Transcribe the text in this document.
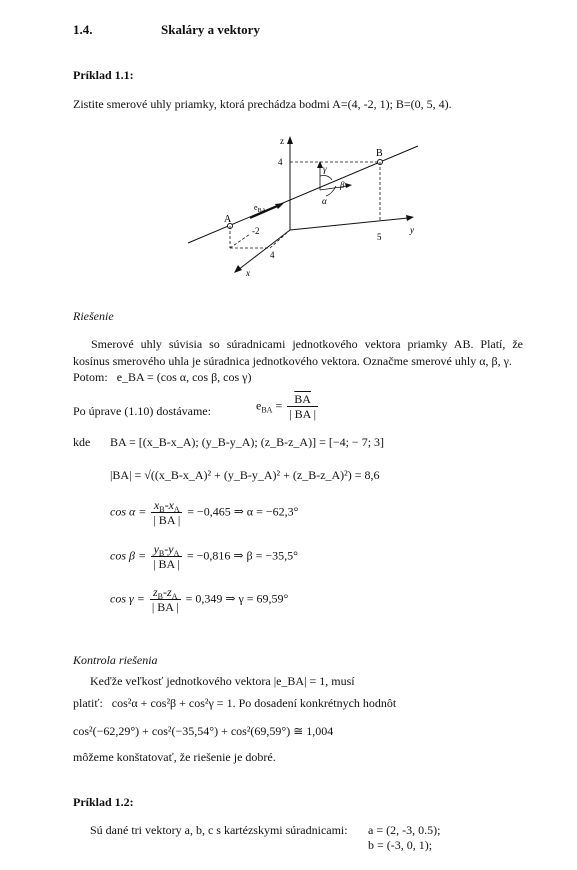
1.4.	Skaláry a vektory
Príklad 1.1:
Zistite smerové uhly priamky, ktorá prechádza bodmi A=(4, -2, 1); B=(0, 5, 4).
z
y
x
A
B
4
5
-2
4
$e_{BA}$
γ
β
α
Riešenie
Smerové uhly súvisia so súradnicami jednotkového vektora priamky AB. Platí, že kosínus smerového uhla je súradnica jednotkového vektora. Označme smerové uhly α, β, γ.
Potom: e_BA = (cos α, cos β, cos γ)
Po úprave (1.10) dostávame:	$e_{BA} = \frac{\overline{BA}}{| BA |}$
kde BA = [(x_B-x_A); (y_B-y_A); (z_B-z_A)] = [−4; − 7; 3]
|BA| = √((x_B-x_A)² + (y_B-y_A)² + (z_B-z_A)²) = 8,6
$\cos \alpha = \frac{x_B-x_A}{| BA |} = -0,465$ ⇒ α = −62,3°
$\cos \beta = \frac{y_B-y_A}{| BA |} = -0,816$ ⇒ β = −35,5°
$\cos \gamma = \frac{z_B-z_A}{| BA |} = 0,349$ ⇒ γ = 69,59°
Kontrola riešenia
Keďže veľkosť jednotkového vektora |e_BA| = 1, musí
platiť: cos²α + cos²β + cos²γ = 1. Po dosadení konkrétnych hodnôt
cos²(−62,29°) + cos²(−35,54°) + cos²(69,59°) ≅ 1,004
môžeme konštatovať, že riešenie je dobré.
Príklad 1.2:
Sú dané tri vektory a, b, c s kartézskymi súradnicami: a = (2, -3, 0.5);
b = (-3, 0, 1);
